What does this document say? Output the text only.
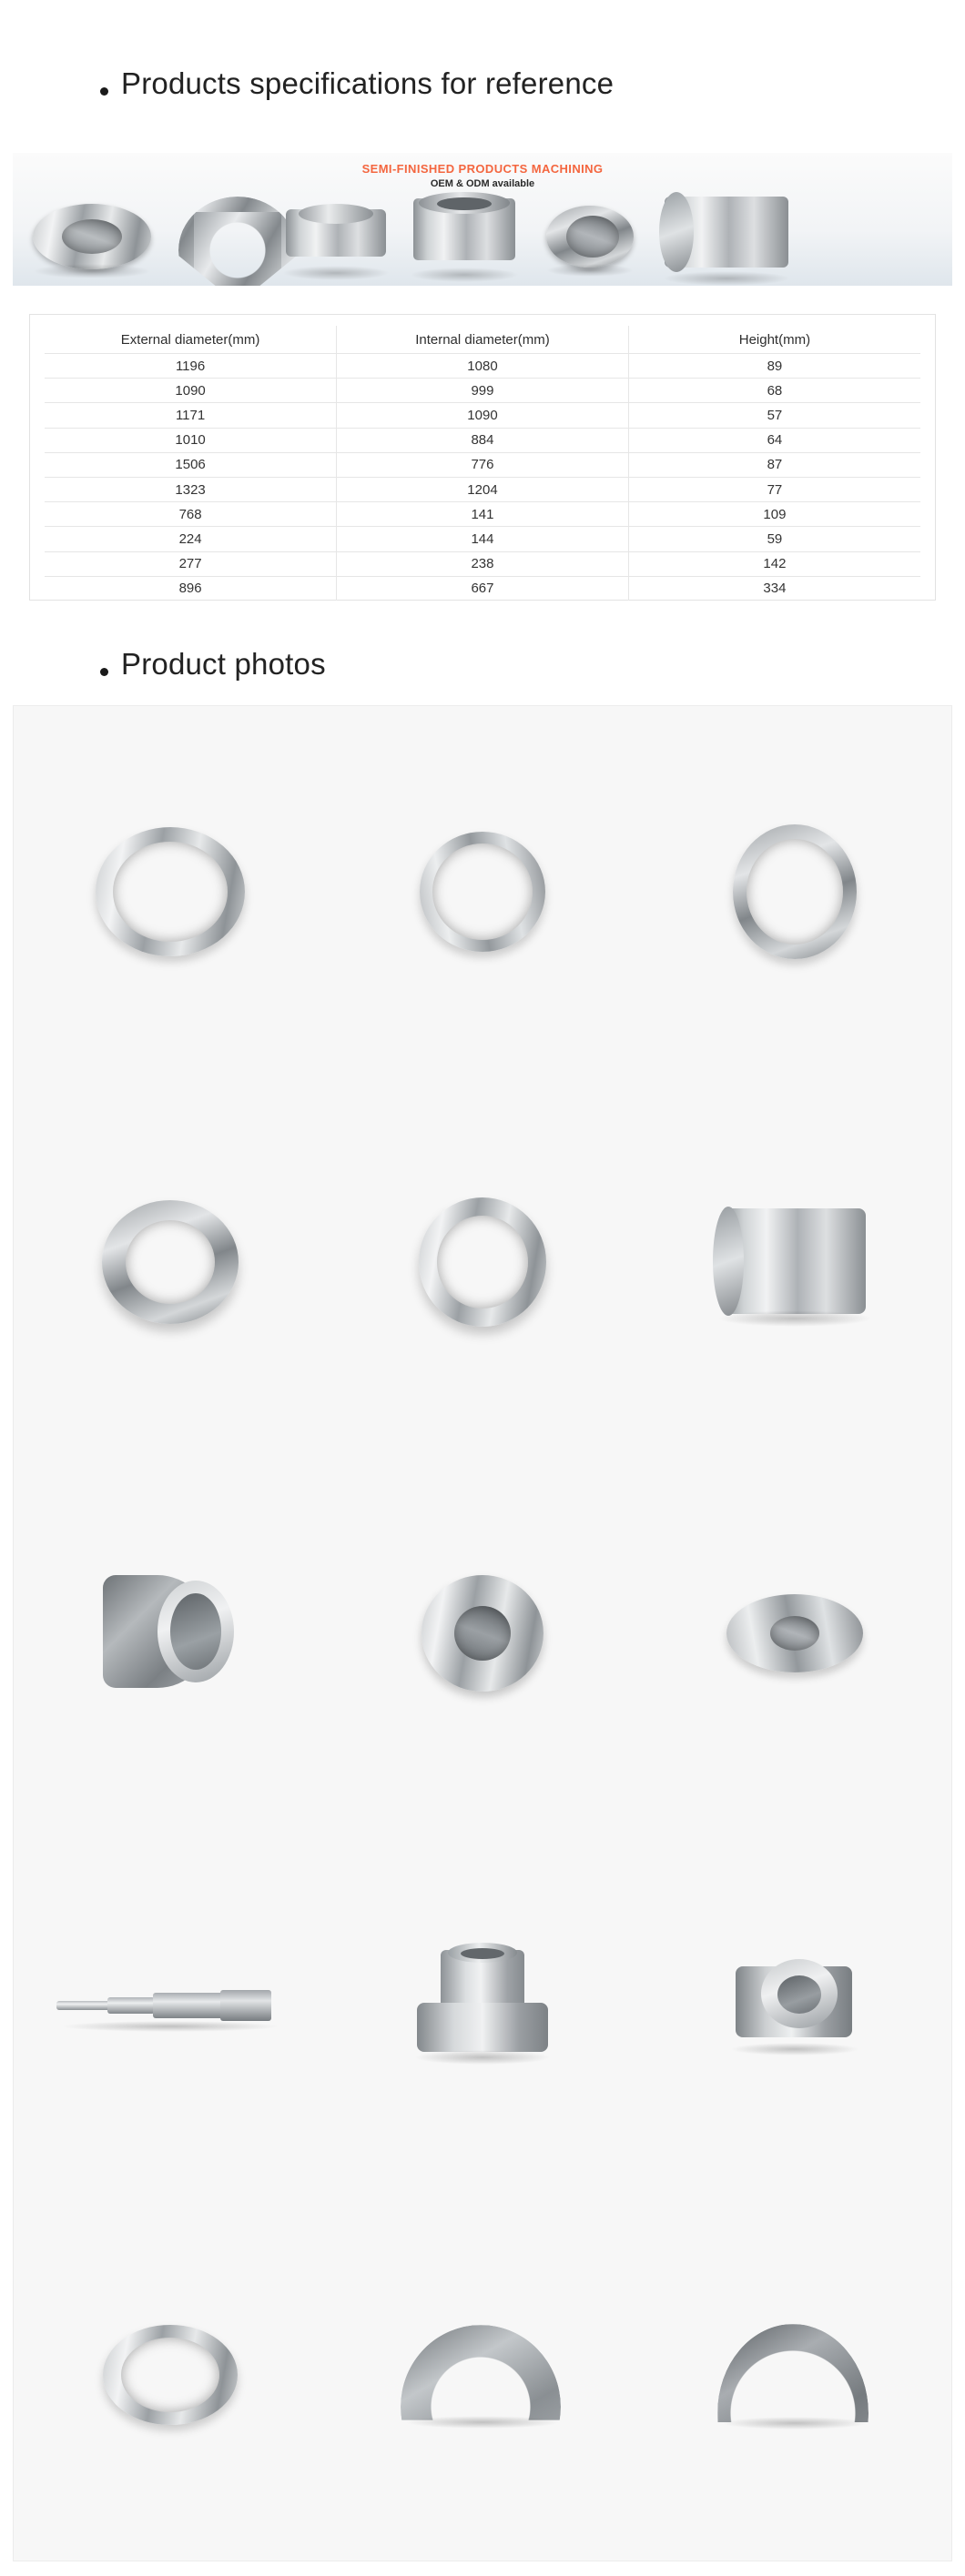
Products specifications for reference
SEMI-FINISHED PRODUCTS MACHINING
OEM & ODM available
External diameter(mm)	Internal diameter(mm)	Height(mm)
1196	1080	89
1090	999	68
1171	1090	57
1010	884	64
1506	776	87
1323	1204	77
768	141	109
224	144	59
277	238	142
896	667	334
Product photos
